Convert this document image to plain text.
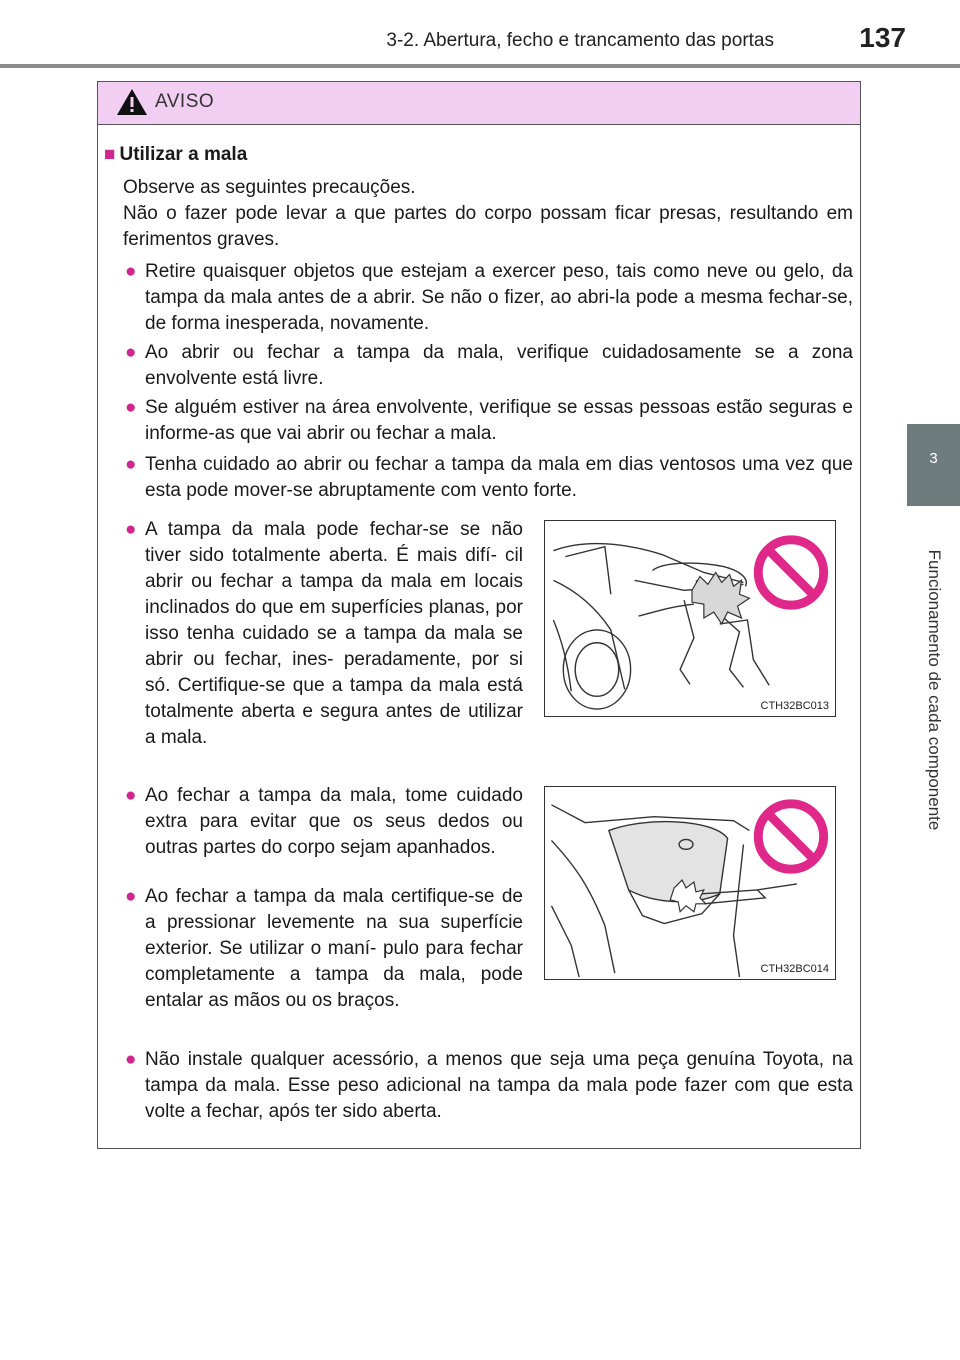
3-2. Abertura, fecho e trancamento das portas	137
3
Funcionamento de cada componente
AVISO
■ Utilizar a mala
Observe as seguintes precauções.
Não o fazer pode levar a que partes do corpo possam ficar presas, resultando em ferimentos graves.
● Retire quaisquer objetos que estejam a exercer peso, tais como neve ou gelo, da tampa da mala antes de a abrir. Se não o fizer, ao abri-la pode a mesma fechar-se, de forma inesperada, novamente.
● Ao abrir ou fechar a tampa da mala, verifique cuidadosamente se a zona envolvente está livre.
● Se alguém estiver na área envolvente, verifique se essas pessoas estão seguras e informe-as que vai abrir ou fechar a mala.
● Tenha cuidado ao abrir ou fechar a tampa da mala em dias ventosos uma vez que esta pode mover-se abruptamente com vento forte.
● A tampa da mala pode fechar-se se não tiver sido totalmente aberta. É mais difí- cil abrir ou fechar a tampa da mala em locais inclinados do que em superfícies planas, por isso tenha cuidado se a tampa da mala se abrir ou fechar, ines- peradamente, por si só. Certifique-se que a tampa da mala está totalmente aberta e segura antes de utilizar a mala.
● Ao fechar a tampa da mala, tome cuidado extra para evitar que os seus dedos ou outras partes do corpo sejam apanhados.
● Ao fechar a tampa da mala certifique-se de a pressionar levemente na sua superfície exterior. Se utilizar o maní- pulo para fechar completamente a tampa da mala, pode entalar as mãos ou os braços.
● Não instale qualquer acessório, a menos que seja uma peça genuína Toyota, na tampa da mala. Esse peso adicional na tampa da mala pode fazer com que esta volte a fechar, após ter sido aberta.
CTH32BC013
CTH32BC014
